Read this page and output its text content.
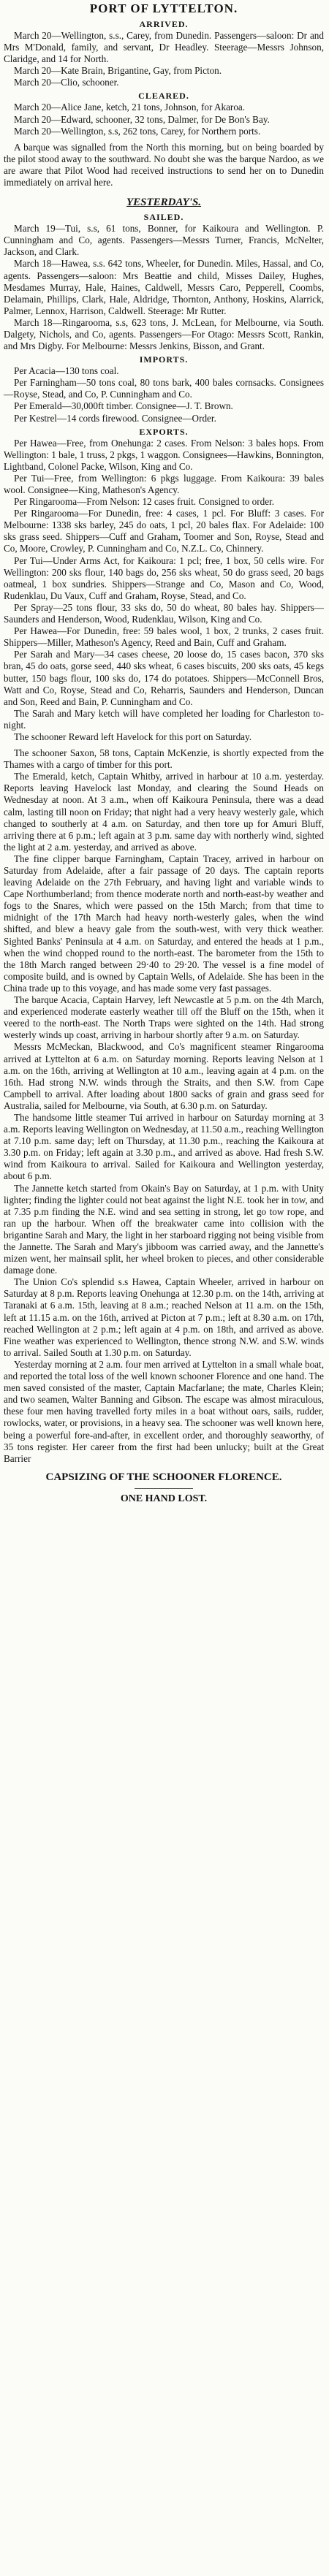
PORT OF LYTTELTON.
ARRIVED.

March 20—Wellington, s.s., Carey, from Dunedin. Passengers—saloon: Dr and Mrs M'Donald, family, and servant, Dr Headley. Steerage—Messrs Johnson, Claridge, and 14 for North.

March 20—Kate Brain, Brigantine, Gay, from Picton.

March 20—Clio, schooner.

CLEARED.

March 20—Alice Jane, ketch, 21 tons, Johnson, for Akaroa.

March 20—Edward, schooner, 32 tons, Dalmer, for De Bon's Bay.

March 20—Wellington, s.s, 262 tons, Carey, for Northern ports.

A barque was signalled from the North this morning, but on being boarded by the pilot stood away to the southward. No doubt she was the barque Nardoo, as we are aware that Pilot Wood had received instructions to send her on to Dunedin immediately on arrival here.

YESTERDAY'S.
SAILED.

March 19—Tui, s.s, 61 tons, Bonner, for Kaikoura and Wellington. P. Cunningham and Co, agents. Passengers—Messrs Turner, Francis, McNelter, Jackson, and Clark.

March 18—Hawea, s.s. 642 tons, Wheeler, for Dunedin. Miles, Hassal, and Co, agents. Passengers—saloon: Mrs Beattie and child, Misses Dailey, Hughes, Mesdames Murray, Hale, Haines, Caldwell, Messrs Caro, Pepperell, Coombs, Delamain, Phillips, Clark, Hale, Aldridge, Thornton, Anthony, Hoskins, Alarrick, Palmer, Lennox, Harrison, Caldwell. Steerage: Mr Rutter.

March 18—Ringarooma, s.s, 623 tons, J. McLean, for Melbourne, via South. Dalgety, Nichols, and Co, agents. Passengers—For Otago: Messrs Scott, Rankin, and Mrs Digby. For Melbourne: Messrs Jenkins, Bisson, and Grant.

IMPORTS.

Per Acacia—130 tons coal.

Per Farningham—50 tons coal, 80 tons bark, 400 bales cornsacks. Consignees—Royse, Stead, and Co, P. Cunningham and Co.

Per Emerald—30,000ft timber. Consignee—J. T. Brown.

Per Kestrel—14 cords firewood. Consignee—Order.

EXPORTS.

Per Hawea—Free, from Onehunga: 2 cases. From Nelson: 3 bales hops. From Wellington: 1 bale, 1 truss, 2 pkgs, 1 waggon. Consignees—Hawkins, Bonnington, Lightband, Colonel Packe, Wilson, King and Co.

Per Tui—Free, from Wellington: 6 pkgs luggage. From Kaikoura: 39 bales wool. Consignee—King, Matheson's Agency.

Per Ringarooma—From Nelson: 12 cases fruit. Consigned to order.

Per Ringarooma—For Dunedin, free: 4 cases, 1 pcl. For Bluff: 3 cases. For Melbourne: 1338 sks barley, 245 do oats, 1 pcl, 20 bales flax. For Adelaide: 100 sks grass seed. Shippers—Cuff and Graham, Toomer and Son, Royse, Stead and Co, Moore, Crowley, P. Cunningham and Co, N.Z.L. Co, Chinnery.

Per Tui—Under Arms Act, for Kaikoura: 1 pcl; free, 1 box, 50 cells wire. For Wellington: 200 sks flour, 140 bags do, 256 sks wheat, 50 do grass seed, 20 bags oatmeal, 1 box sundries. Shippers—Strange and Co, Mason and Co, Wood, Rudenklau, Du Vaux, Cuff and Graham, Royse, Stead, and Co.

Per Spray—25 tons flour, 33 sks do, 50 do wheat, 80 bales hay. Shippers—Saunders and Henderson, Wood, Rudenklau, Wilson, King and Co.

Per Hawea—For Dunedin, free: 59 bales wool, 1 box, 2 trunks, 2 cases fruit. Shippers—Miller, Matheson's Agency, Reed and Bain, Cuff and Graham.

Per Sarah and Mary—34 cases cheese, 20 loose do, 15 cases bacon, 370 sks bran, 45 do oats, gorse seed, 440 sks wheat, 6 cases biscuits, 200 sks oats, 45 kegs butter, 150 bags flour, 100 sks do, 174 do potatoes. Shippers—McConnell Bros, Watt and Co, Royse, Stead and Co, Reharris, Saunders and Henderson, Duncan and Son, Reed and Bain, P. Cunningham and Co.

The Sarah and Mary ketch will have completed her loading for Charleston to-night.

The schooner Reward left Havelock for this port on Saturday.

The schooner Saxon, 58 tons, Captain McKenzie, is shortly expected from the Thames with a cargo of timber for this port.

The Emerald, ketch, Captain Whitby, arrived in harbour at 10 a.m. yesterday. Reports leaving Havelock last Monday, and clearing the Sound Heads on Wednesday at noon. At 3 a.m., when off Kaikoura Peninsula, there was a dead calm, lasting till noon on Friday; that night had a very heavy westerly gale, which changed to southerly at 4 a.m. on Saturday, and then tore up for Amuri Bluff, arriving there at 6 p.m.; left again at 3 p.m. same day with northerly wind, sighted the light at 2 a.m. yesterday, and arrived as above.

The fine clipper barque Farningham, Captain Tracey, arrived in harbour on Saturday from Adelaide, after a fair passage of 20 days. The captain reports leaving Adelaide on the 27th February, and having light and variable winds to Cape Northumberland; from thence moderate north and north-east-by weather and fogs to the Snares, which were passed on the 15th March; from that time to midnight of the 17th March had heavy north-westerly gales, when the wind shifted, and blew a heavy gale from the south-west, with very thick weather. Sighted Banks' Peninsula at 4 a.m. on Saturday, and entered the heads at 1 p.m., when the wind chopped round to the north-east. The barometer from the 15th to the 18th March ranged between 29·40 to 29·20. The vessel is a fine model of composite build, and is owned by Captain Wells, of Adelaide. She has been in the China trade up to this voyage, and has made some very fast passages.

The barque Acacia, Captain Harvey, left Newcastle at 5 p.m. on the 4th March, and experienced moderate easterly weather till off the Bluff on the 15th, when it veered to the north-east. The North Traps were sighted on the 14th. Had strong westerly winds up coast, arriving in harbour shortly after 9 a.m. on Saturday.

Messrs McMeckan, Blackwood, and Co's magnificent steamer Ringarooma arrived at Lyttelton at 6 a.m. on Saturday morning. Reports leaving Nelson at 1 a.m. on the 16th, arriving at Wellington at 10 a.m., leaving again at 4 p.m. on the 16th. Had strong N.W. winds through the Straits, and then S.W. from Cape Campbell to arrival. After loading about 1800 sacks of grain and grass seed for Australia, sailed for Melbourne, via South, at 6.30 p.m. on Saturday.

The handsome little steamer Tui arrived in harbour on Saturday morning at 3 a.m. Reports leaving Wellington on Wednesday, at 11.50 a.m., reaching Wellington at 7.10 p.m. same day; left on Thursday, at 11.30 p.m., reaching the Kaikoura at 3.30 p.m. on Friday; left again at 3.30 p.m., and arrived as above. Had fresh S.W. wind from Kaikoura to arrival. Sailed for Kaikoura and Wellington yesterday, about 6 p.m.

The Jannette ketch started from Okain's Bay on Saturday, at 1 p.m. with Unity lighter; finding the lighter could not beat against the light N.E. took her in tow, and at 7.35 p.m finding the N.E. wind and sea setting in strong, let go tow rope, and ran up the harbour. When off the breakwater came into collision with the brigantine Sarah and Mary, the light in her starboard rigging not being visible from the Jannette. The Sarah and Mary's jibboom was carried away, and the Jannette's mizen went, her mainsail split, her wheel broken to pieces, and other considerable damage done.

The Union Co's splendid s.s Hawea, Captain Wheeler, arrived in harbour on Saturday at 8 p.m. Reports leaving Onehunga at 12.30 p.m. on the 14th, arriving at Taranaki at 6 a.m. 15th, leaving at 8 a.m.; reached Nelson at 11 a.m. on the 15th, left at 11.15 a.m. on the 16th, arrived at Picton at 7 p.m.; left at 8.30 a.m. on 17th, reached Wellington at 2 p.m.; left again at 4 p.m. on 18th, and arrived as above. Fine weather was experienced to Wellington, thence strong N.W. and S.W. winds to arrival. Sailed South at 1.30 p.m. on Saturday.

Yesterday morning at 2 a.m. four men arrived at Lyttelton in a small whale boat, and reported the total loss of the well known schooner Florence and one hand. The men saved consisted of the master, Captain Macfarlane; the mate, Charles Klein; and two seamen, Walter Banning and Gibson. The escape was almost miraculous, these four men having travelled forty miles in a boat without oars, sails, rudder, rowlocks, water, or provisions, in a heavy sea. The schooner was well known here, being a powerful fore-and-after, in excellent order, and thoroughly seaworthy, of 35 tons register. Her career from the first had been unlucky; built at the Great Barrier

CAPSIZING OF THE SCHOONER FLORENCE.
ONE HAND LOST.
